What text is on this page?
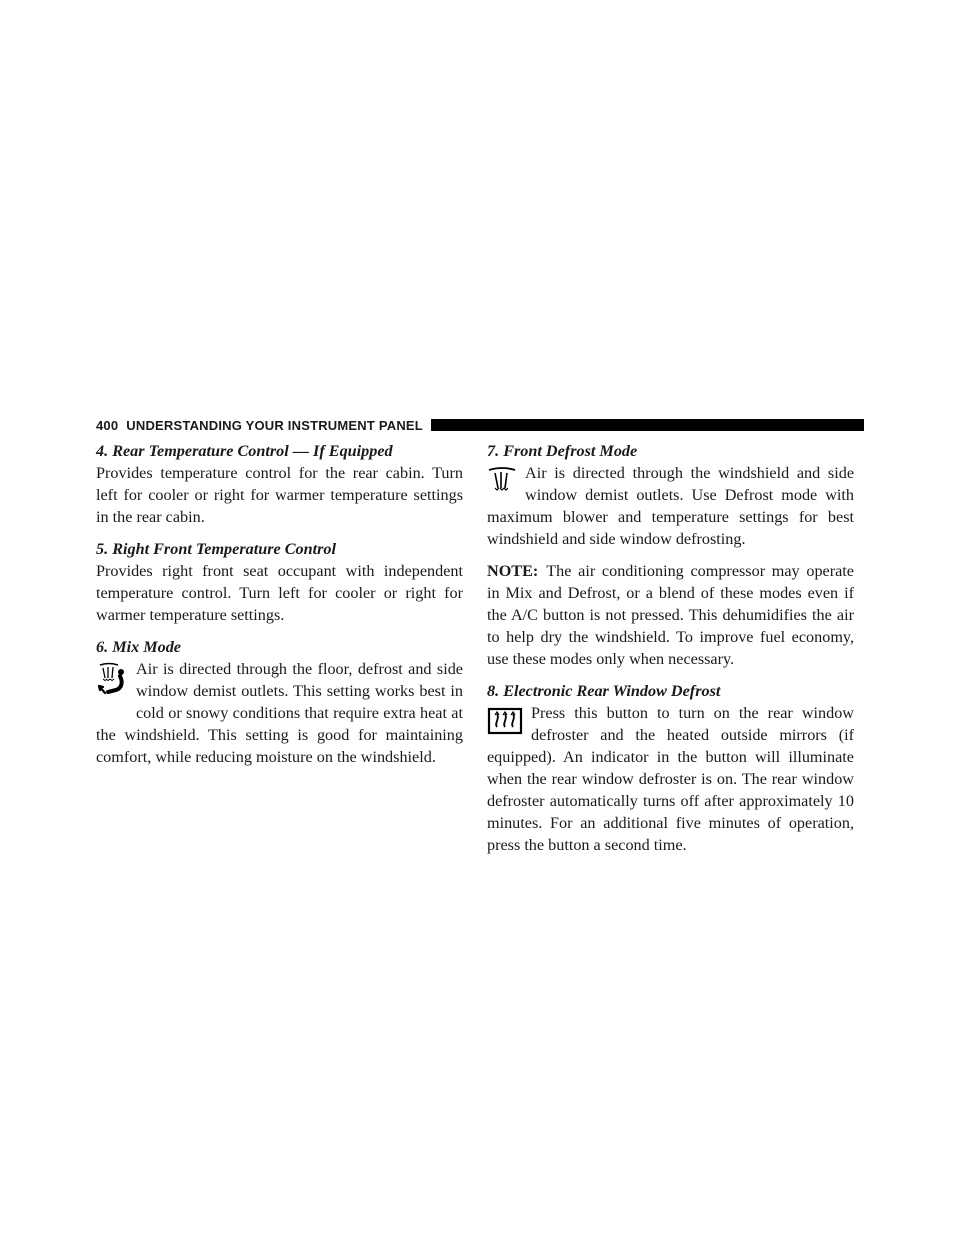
400 UNDERSTANDING YOUR INSTRUMENT PANEL
4. Rear Temperature Control — If Equipped

Provides temperature control for the rear cabin. Turn left for cooler or right for warmer temperature settings in the rear cabin.

5. Right Front Temperature Control

Provides right front seat occupant with independent temperature control. Turn left for cooler or right for warmer temperature settings.

6. Mix Mode

Air is directed through the floor, defrost and side window demist outlets. This setting works best in cold or snowy conditions that require extra heat at the windshield. This setting is good for maintaining comfort, while reducing moisture on the windshield.

7. Front Defrost Mode

Air is directed through the windshield and side window demist outlets. Use Defrost mode with maximum blower and temperature settings for best windshield and side window defrosting.

NOTE: The air conditioning compressor may operate in Mix and Defrost, or a blend of these modes even if the A/C button is not pressed. This dehumidifies the air to help dry the windshield. To improve fuel economy, use these modes only when necessary.

8. Electronic Rear Window Defrost

Press this button to turn on the rear window defroster and the heated outside mirrors (if equipped). An indicator in the button will illuminate when the rear window defroster is on. The rear window defroster automatically turns off after approximately 10 minutes. For an additional five minutes of operation, press the button a second time.
